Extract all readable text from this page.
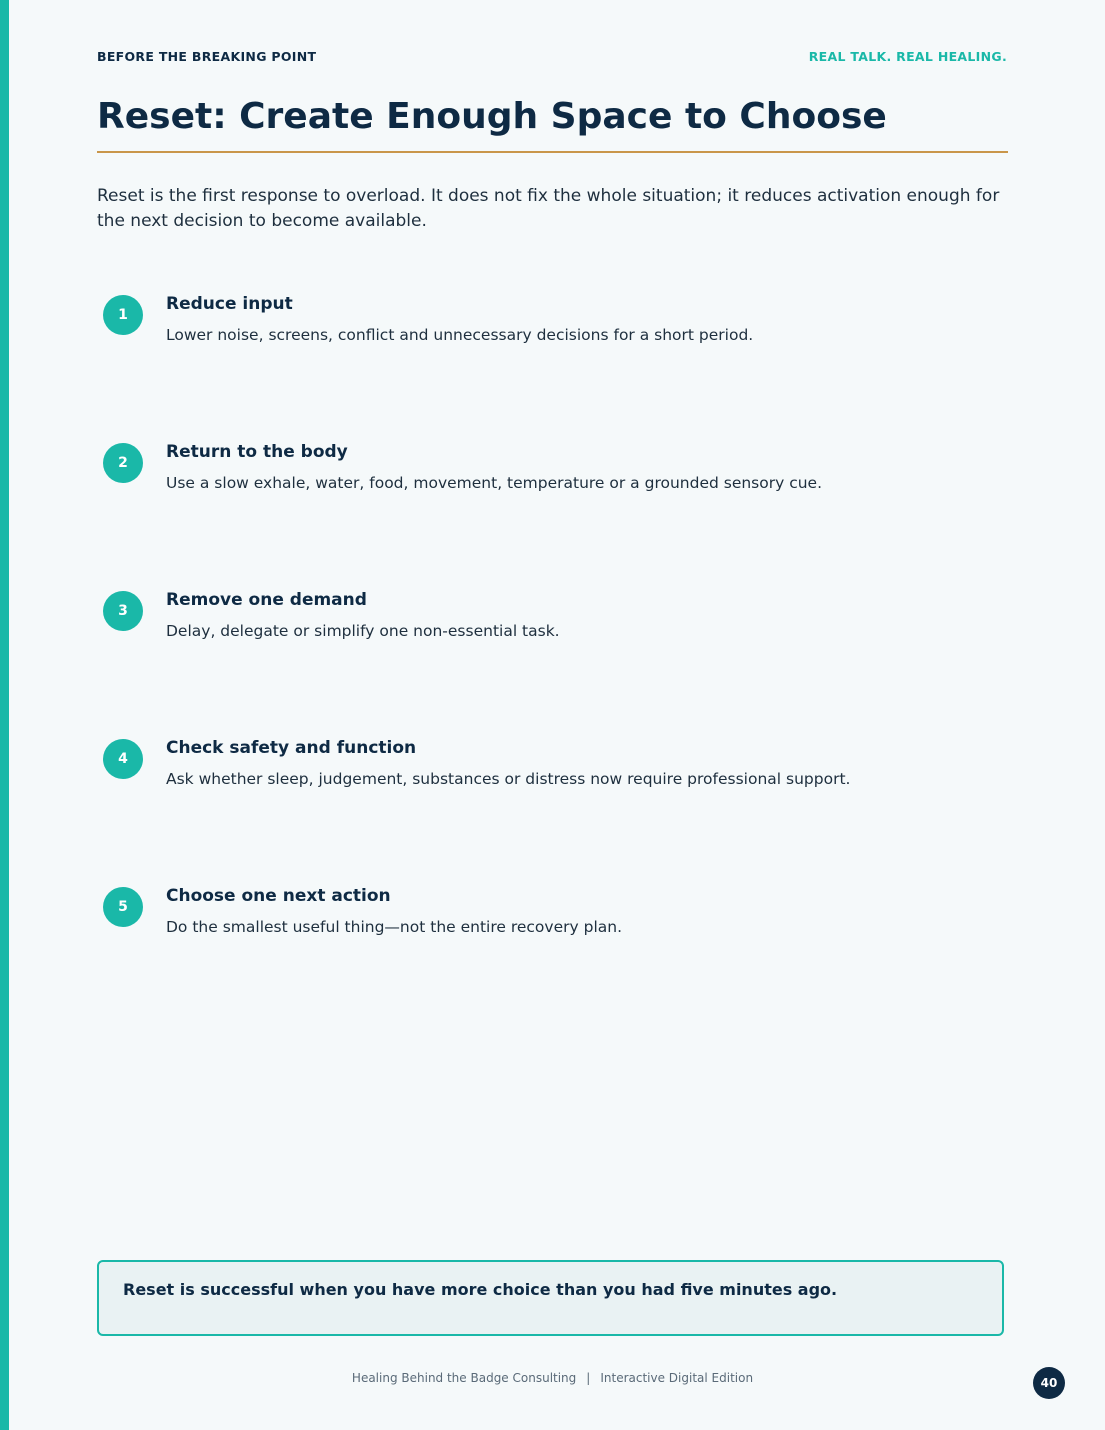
BEFORE THE BREAKING POINT	REAL TALK. REAL HEALING.
Reset: Create Enough Space to Choose

Reset is the first response to overload. It does not fix the whole situation; it reduces activation enough for the next decision to become available.

1
Reduce input
Lower noise, screens, conflict and unnecessary decisions for a short period.
2
Return to the body
Use a slow exhale, water, food, movement, temperature or a grounded sensory cue.
3
Remove one demand
Delay, delegate or simplify one non-essential task.
4
Check safety and function
Ask whether sleep, judgement, substances or distress now require professional support.
5
Choose one next action
Do the smallest useful thing—not the entire recovery plan.
Reset is successful when you have more choice than you had five minutes ago.
Healing Behind the Badge Consulting | Interactive Digital Edition	40
